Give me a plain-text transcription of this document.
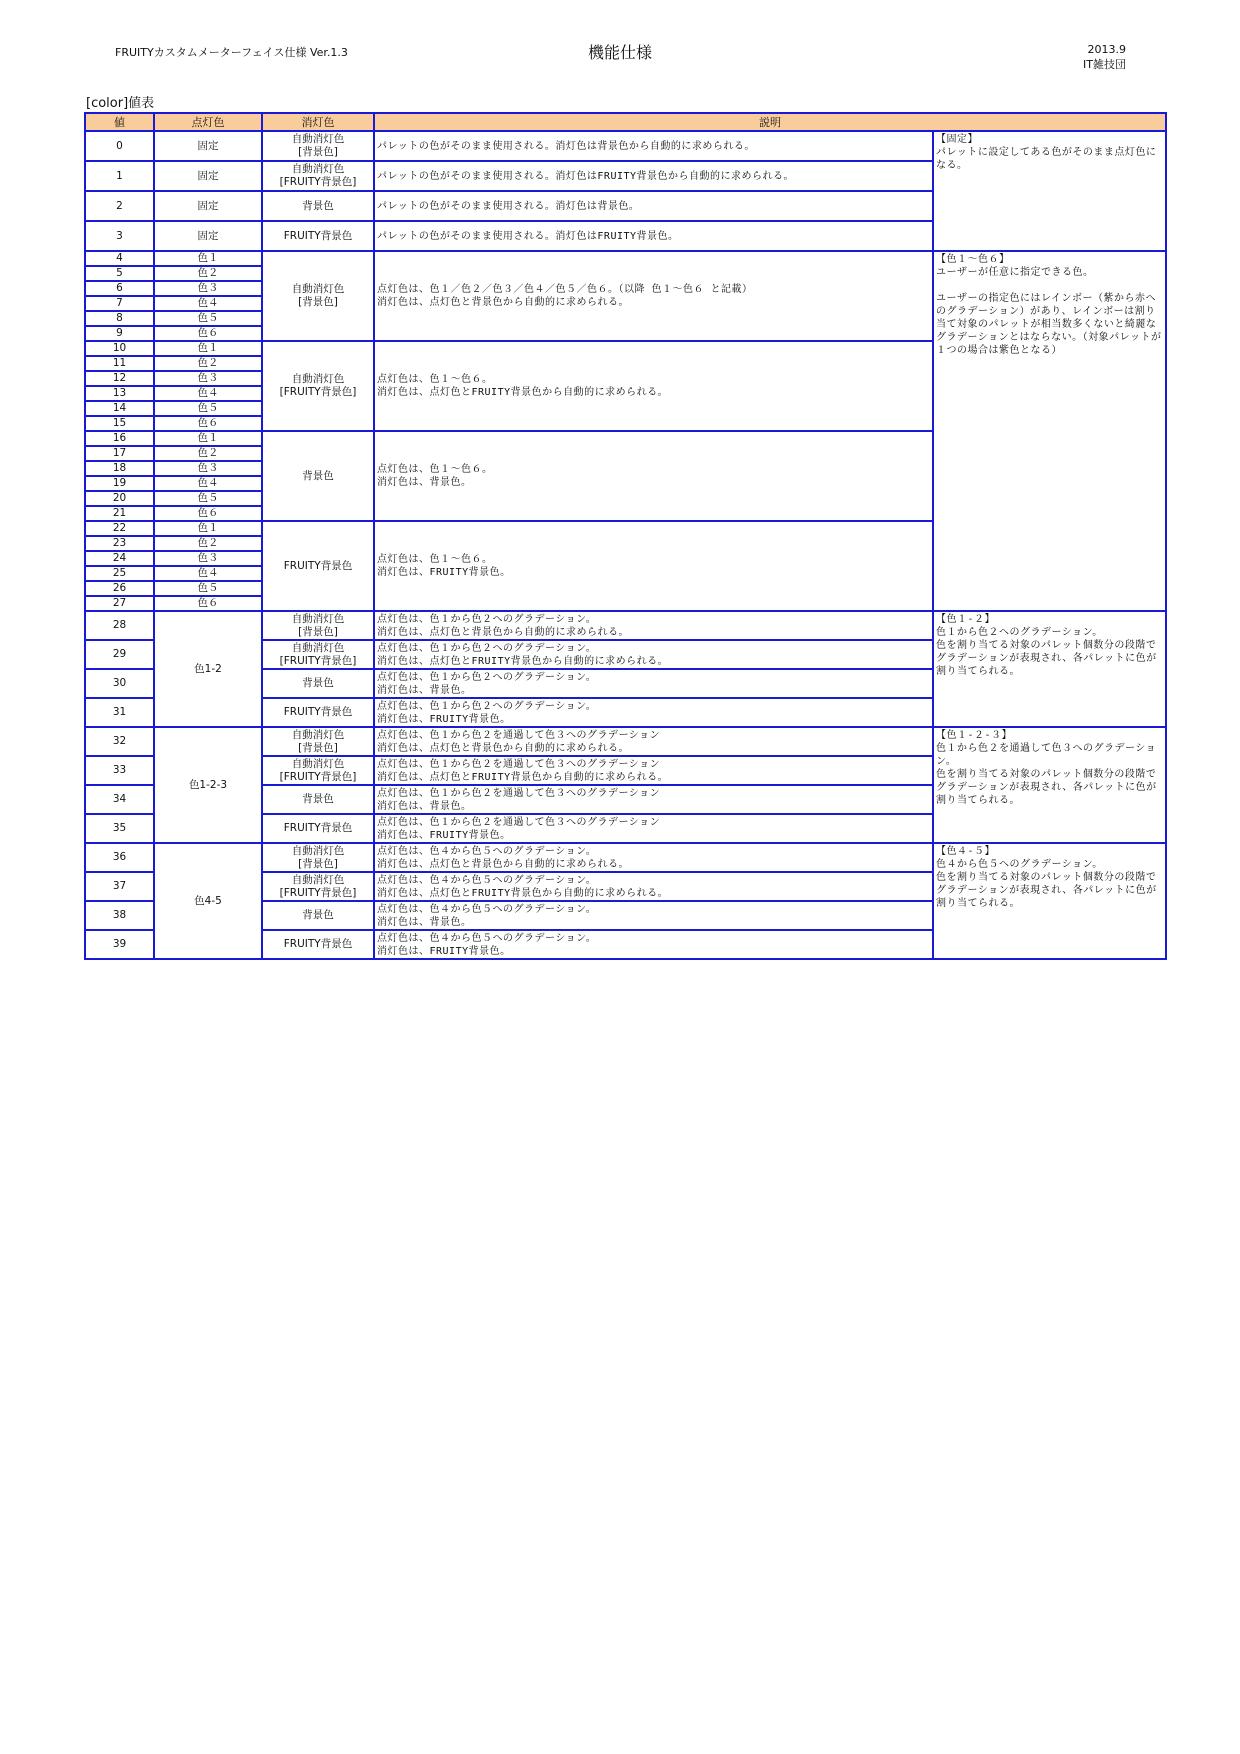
FRUITYカスタムメーターフェイス仕様 Ver.1.3	機能仕様	2013.9
IT雑技団
[color]値表
値	点灯色	消灯色	説明	
0	固定	自動消灯色
[背景色]	パレットの色がそのまま使用される。消灯色は背景色から自動的に求められる。	【固定】
パレットに設定してある色がそのまま点灯色になる。
1	固定	自動消灯色
[FRUITY背景色]	パレットの色がそのまま使用される。消灯色はFRUITY背景色から自動的に求められる。	
2	固定	背景色	パレットの色がそのまま使用される。消灯色は背景色。	
3	固定	FRUITY背景色	パレットの色がそのまま使用される。消灯色はFRUITY背景色。	
4	色１	自動消灯色
[背景色]	点灯色は、色１／色２／色３／色４／色５／色６。（以降 色１～色６ と記載）
消灯色は、点灯色と背景色から自動的に求められる。	【色１～色６】
ユーザーが任意に指定できる色。

ユーザーの指定色にはレインボー（紫から赤へのグラデーション）があり、レインボーは割り当て対象のパレットが相当数多くないと綺麗なグラデーションとはならない。（対象パレットが１つの場合は紫色となる）
5	色２			
6	色３			
7	色４			
8	色５			
9	色６			
10	色１	自動消灯色
[FRUITY背景色]	点灯色は、色１～色６。
消灯色は、点灯色とFRUITY背景色から自動的に求められる。	
11	色２			
12	色３			
13	色４			
14	色５			
15	色６			
16	色１	背景色	点灯色は、色１～色６。
消灯色は、背景色。	
17	色２			
18	色３			
19	色４			
20	色５			
21	色６			
22	色１	FRUITY背景色	点灯色は、色１～色６。
消灯色は、FRUITY背景色。	
23	色２			
24	色３			
25	色４			
26	色５			
27	色６			
28	色1-2	自動消灯色
[背景色]	点灯色は、色１から色２へのグラデーション。
消灯色は、点灯色と背景色から自動的に求められる。	【色１-２】
色１から色２へのグラデーション。
色を割り当てる対象のパレット個数分の段階でグラデーションが表現され、各パレットに色が割り当てられる。
29		自動消灯色
[FRUITY背景色]	点灯色は、色１から色２へのグラデーション。
消灯色は、点灯色とFRUITY背景色から自動的に求められる。	
30		背景色	点灯色は、色１から色２へのグラデーション。
消灯色は、背景色。	
31		FRUITY背景色	点灯色は、色１から色２へのグラデーション。
消灯色は、FRUITY背景色。	
32	色1-2-3	自動消灯色
[背景色]	点灯色は、色１から色２を通過して色３へのグラデーション
消灯色は、点灯色と背景色から自動的に求められる。	【色１-２-３】
色１から色２を通過して色３へのグラデーション。
色を割り当てる対象のパレット個数分の段階でグラデーションが表現され、各パレットに色が割り当てられる。
33		自動消灯色
[FRUITY背景色]	点灯色は、色１から色２を通過して色３へのグラデーション
消灯色は、点灯色とFRUITY背景色から自動的に求められる。	
34		背景色	点灯色は、色１から色２を通過して色３へのグラデーション
消灯色は、背景色。	
35		FRUITY背景色	点灯色は、色１から色２を通過して色３へのグラデーション
消灯色は、FRUITY背景色。	
36	色4-5	自動消灯色
[背景色]	点灯色は、色４から色５へのグラデーション。
消灯色は、点灯色と背景色から自動的に求められる。	【色４-５】
色４から色５へのグラデーション。
色を割り当てる対象のパレット個数分の段階でグラデーションが表現され、各パレットに色が割り当てられる。
37		自動消灯色
[FRUITY背景色]	点灯色は、色４から色５へのグラデーション。
消灯色は、点灯色とFRUITY背景色から自動的に求められる。	
38		背景色	点灯色は、色４から色５へのグラデーション。
消灯色は、背景色。	
39		FRUITY背景色	点灯色は、色４から色５へのグラデーション。
消灯色は、FRUITY背景色。	
